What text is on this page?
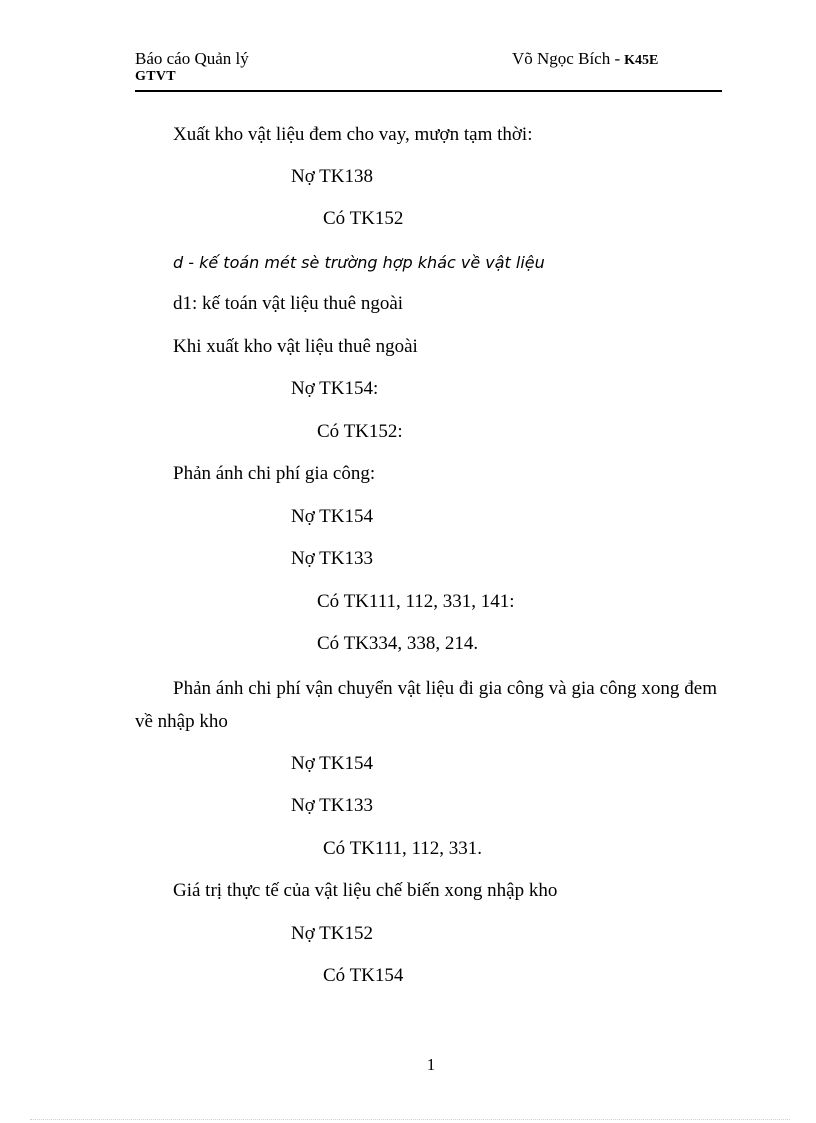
Báo cáo Quản lý
GTVT
Võ Ngọc Bích - K45E
Xuất kho vật liệu đem cho vay, mượn tạm thời:
Nợ TK138
Có TK152
d - kế toán mét sè trường hợp khác về vật liệu
d1: kế toán vật liệu thuê ngoài
Khi xuất kho vật liệu thuê ngoài
Nợ TK154:
Có TK152:
Phản ánh chi phí gia công:
Nợ TK154
Nợ TK133
Có TK111, 112, 331, 141:
Có TK334, 338, 214.
Phản ánh chi phí vận chuyển vật liệu đi gia công và gia công xong đem về nhập kho
Nợ TK154
Nợ TK133
Có TK111, 112, 331.
Giá trị thực tế của vật liệu chế biến xong nhập kho
Nợ TK152
Có TK154
1
